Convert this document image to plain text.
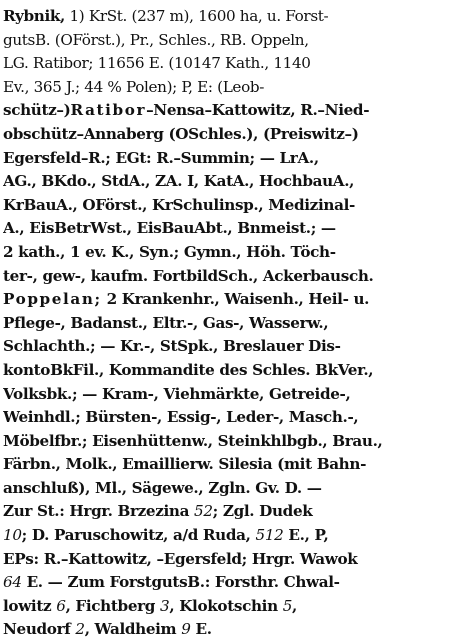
Rybnik, 1) KrSt. (237 m), 1600 ha, u. Forst-
gutsB. (OFörst.), Pr., Schles., RB. Oppeln,
LG. Ratibor; 11656 E. (10147 Kath., 1140
Ev., 365 J.; 44 % Polen); P, E: (Leob-
schütz–)Ratibor–Nensa–Kattowitz, R.–Nied-
obschütz–Annaberg (OSchles.), (Preiswitz–)
Egersfeld–R.; EGt: R.–Summin; — LrA.,
AG., BKdo., StdA., ZA. I, KatA., HochbauA.,
KrBauA., OFörst., KrSchulinsp., Medizinal-
A., EisBetrWst., EisBauAbt., Bnmeist.; —
2 kath., 1 ev. K., Syn.; Gymn., Höh. Töch-
ter-, gew-, kaufm. FortbildSch., Ackerbausch.
Poppelan; 2 Krankenhr., Waisenh., Heil- u.
Pflege-, Badanst., Eltr.-, Gas-, Wasserw.,
Schlachth.; — Kr.-, StSpk., Breslauer Dis-
kontoBkFil., Kommandite des Schles. BkVer.,
Volksbk.; — Kram-, Viehmärkte, Getreide-,
Weinhdl.; Bürsten-, Essig-, Leder-, Masch.-,
Möbelfbr.; Eisenhüttenw., Steinkhlbgb., Brau.,
Färbn., Molk., Emaillierw. Silesia (mit Bahn-
anschluß), Ml., Sägewe., Zgln. Gv. D. —
Zur St.: Hrgr. Brzezina 52; Zgl. Dudek
10; D. Paruschowitz, a/d Ruda, 512 E., P,
EPs: R.–Kattowitz, –Egersfeld; Hrgr. Wawok
64 E. — Zum ForstgutsB.: Forsthr. Chwal-
lowitz 6, Fichtberg 3, Klokotschin 5,
Neudorf 2, Waldheim 9 E.
